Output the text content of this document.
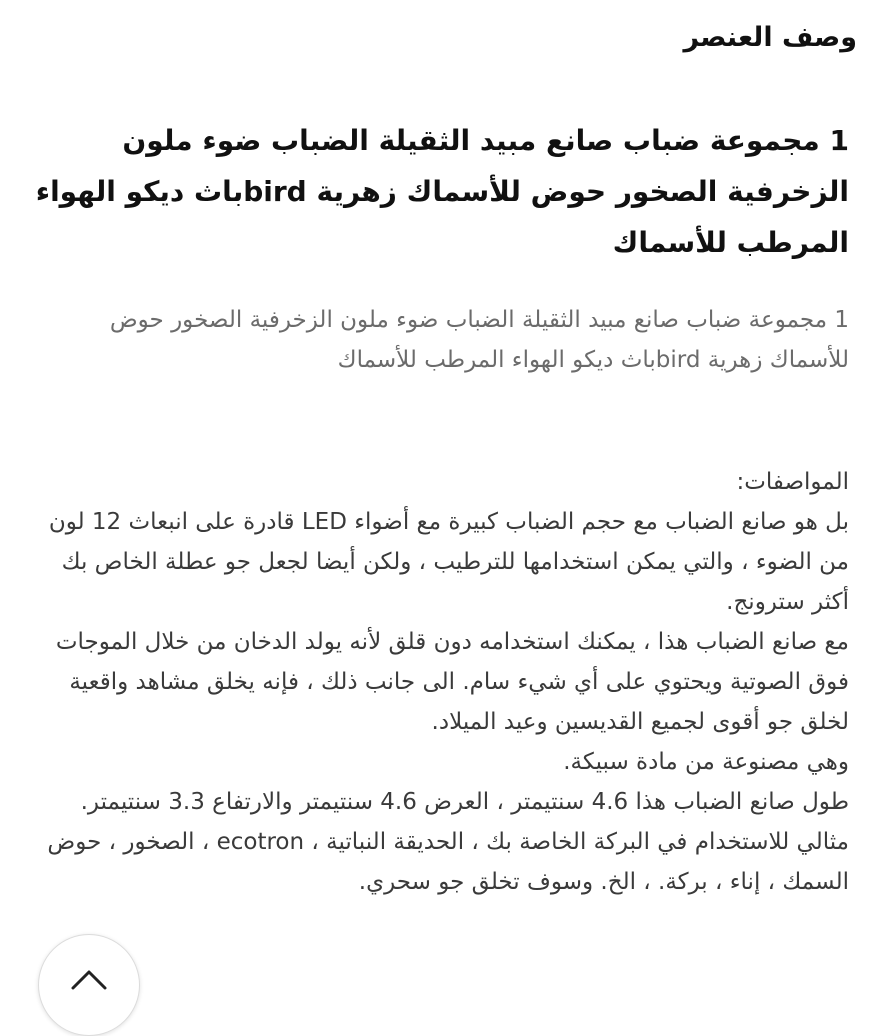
وصف العنصر
1 مجموعة ضباب صانع مبيد الثقيلة الضباب ضوء ملون الزخرفية الصخور حوض للأسماك زهرية birdباث ديكو الهواء المرطب للأسماك

1 مجموعة ضباب صانع مبيد الثقيلة الضباب ضوء ملون الزخرفية الصخور حوض للأسماك زهرية birdباث ديكو الهواء المرطب للأسماك

المواصفات:
بل هو صانع الضباب مع حجم الضباب كبيرة مع أضواء LED قادرة على انبعاث 12 لون من الضوء ، والتي يمكن استخدامها للترطيب ، ولكن أيضا لجعل جو عطلة الخاص بك أكثر سترونج.
مع صانع الضباب هذا ، يمكنك استخدامه دون قلق لأنه يولد الدخان من خلال الموجات فوق الصوتية ويحتوي على أي شيء سام. الى جانب ذلك ، فإنه يخلق مشاهد واقعية لخلق جو أقوى لجميع القديسين وعيد الميلاد.
وهي مصنوعة من مادة سبيكة.
طول صانع الضباب هذا 4.6 سنتيمتر ، العرض 4.6 سنتيمتر والارتفاع 3.3 سنتيمتر.
مثالي للاستخدام في البركة الخاصة بك ، الحديقة النباتية ، ecotron ، الصخور ، حوض السمك ، إناء ، بركة. ، الخ. وسوف تخلق جو سحري.
